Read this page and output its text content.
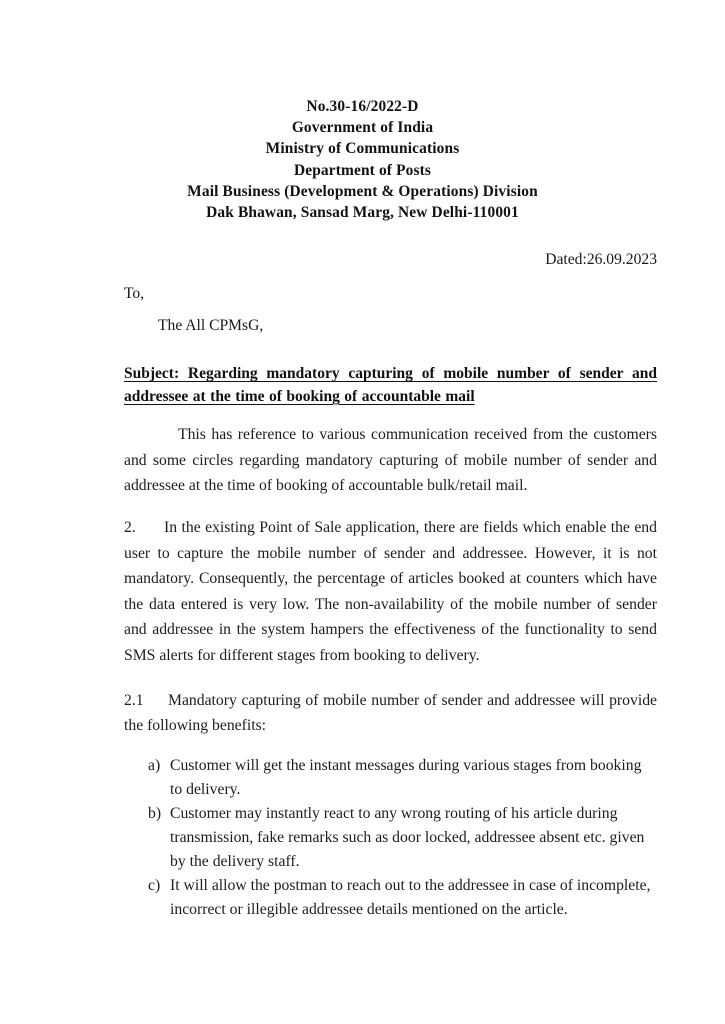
No.30-16/2022-D
Government of India
Ministry of Communications
Department of Posts
Mail Business (Development & Operations) Division
Dak Bhawan, Sansad Marg, New Delhi-110001
Dated:26.09.2023
To,
The All CPMsG,
Subject: Regarding mandatory capturing of mobile number of sender and addressee at the time of booking of accountable mail

This has reference to various communication received from the customers and some circles regarding mandatory capturing of mobile number of sender and addressee at the time of booking of accountable bulk/retail mail.

2. In the existing Point of Sale application, there are fields which enable the end user to capture the mobile number of sender and addressee. However, it is not mandatory. Consequently, the percentage of articles booked at counters which have the data entered is very low. The non-availability of the mobile number of sender and addressee in the system hampers the effectiveness of the functionality to send SMS alerts for different stages from booking to delivery.

2.1 Mandatory capturing of mobile number of sender and addressee will provide the following benefits:

a) Customer will get the instant messages during various stages from booking to delivery.
b) Customer may instantly react to any wrong routing of his article during transmission, fake remarks such as door locked, addressee absent etc. given by the delivery staff.
c) It will allow the postman to reach out to the addressee in case of incomplete, incorrect or illegible addressee details mentioned on the article.
